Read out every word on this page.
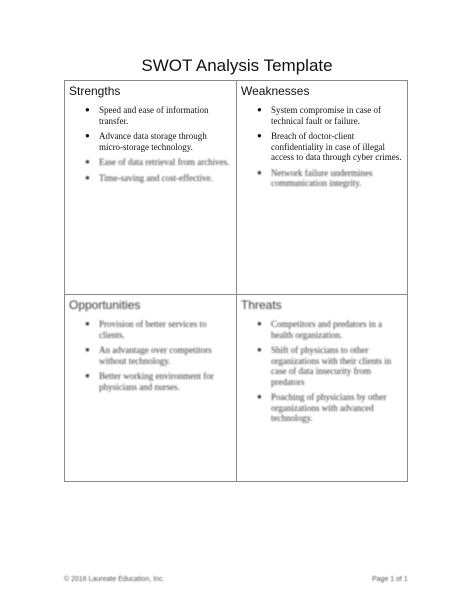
SWOT Analysis Template
Strengths
● Speed and ease of information transfer.
● Advance data storage through micro-storage technology.
● Ease of data retrieval from archives.
● Time-saving and cost-effective.
Weaknesses
● System compromise in case of technical fault or failure.
● Breach of doctor-client confidentiality in case of illegal access to data through cyber crimes.
● Network failure undermines communication integrity.
Opportunities
● Provision of better services to clients.
● An advantage over competitors without technology.
● Better working environment for physicians and nurses.
Threats
● Competitors and predators in a health organization.
● Shift of physicians to other organizations with their clients in case of data insecurity from predators
● Poaching of physicians by other organizations with advanced technology.
© 2016 Laureate Education, Inc.	Page 1 of 1
